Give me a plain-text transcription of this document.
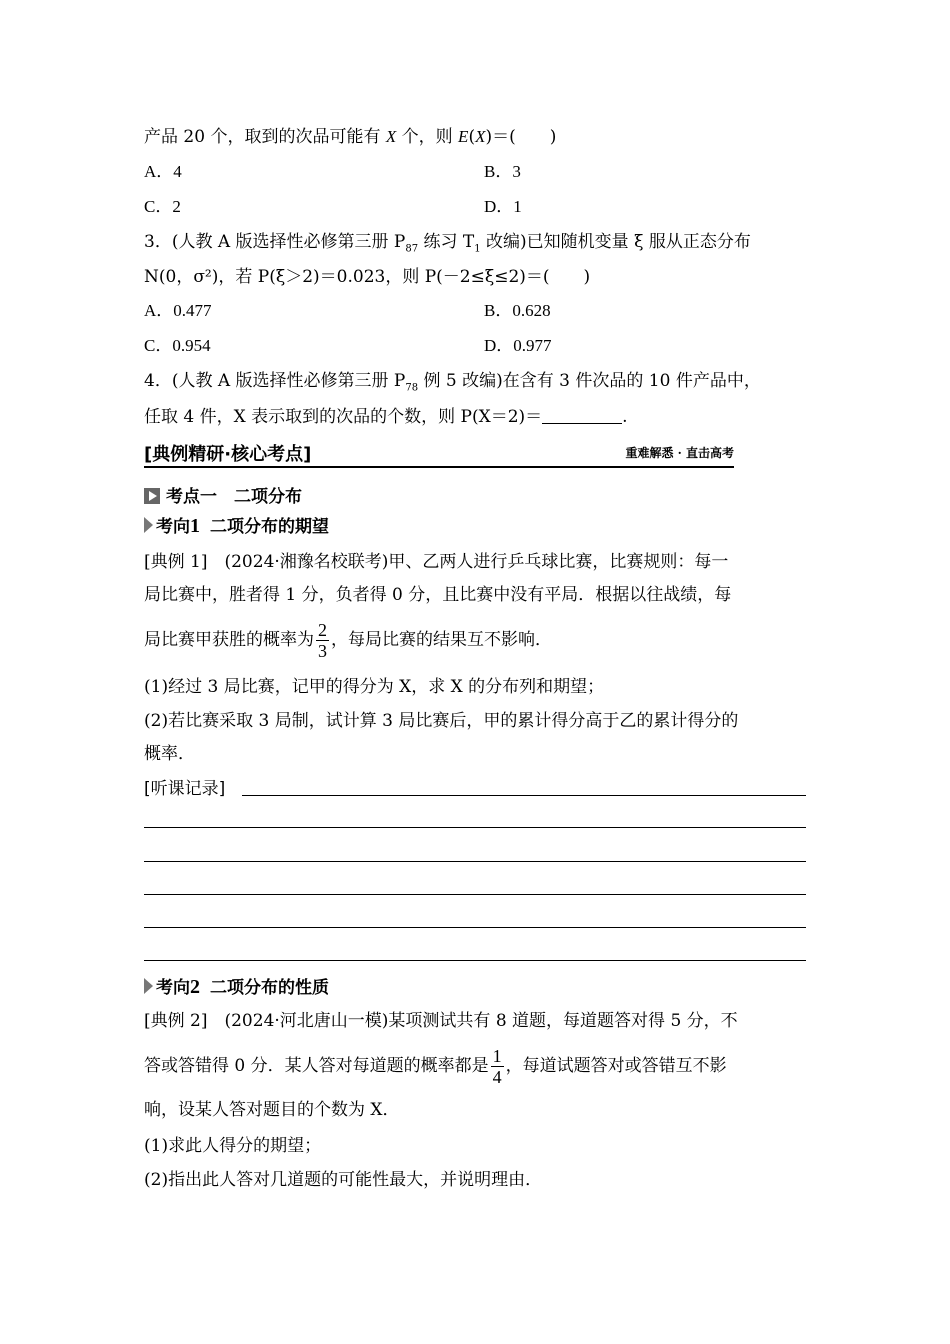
产品 20 个，取到的次品可能有 X 个，则 E(X)＝(　　)
A．4	B．3
C．2	D．1
3．(人教 A 版选择性必修第三册 $P_{87}$ 练习 $T_1$ 改编)已知随机变量 ξ 服从正态分布
N(0，σ²)，若 P(ξ＞2)＝0.023，则 P(－2≤ξ≤2)＝(　　)
A．0.477	B．0.628
C．0.954	D．0.977
4．(人教 A 版选择性必修第三册 $P_{78}$ 例 5 改编)在含有 3 件次品的 10 件产品中，
任取 4 件，X 表示取到的次品的个数，则 P(X＝2)＝	.
[典例精研·核心考点]	重难解悉 · 直击高考
考点一　二项分布
考向1 二项分布的期望
[典例 1]　(2024·湘豫名校联考)甲、乙两人进行乒乓球比赛，比赛规则：每一
局比赛中，胜者得 1 分，负者得 0 分，且比赛中没有平局．根据以往战绩，每
局比赛甲获胜的概率为 $\frac{2}{3}$ ，每局比赛的结果互不影响．
(1)经过 3 局比赛，记甲的得分为 X，求 X 的分布列和期望；
(2)若比赛采取 3 局制，试计算 3 局比赛后，甲的累计得分高于乙的累计得分的
概率．
[听课记录]
考向2 二项分布的性质
[典例 2]　(2024·河北唐山一模)某项测试共有 8 道题，每道题答对得 5 分，不
答或答错得 0 分．某人答对每道题的概率都是 $\frac{1}{4}$ ，每道试题答对或答错互不影
响，设某人答对题目的个数为 X．
(1)求此人得分的期望；
(2)指出此人答对几道题的可能性最大，并说明理由．
